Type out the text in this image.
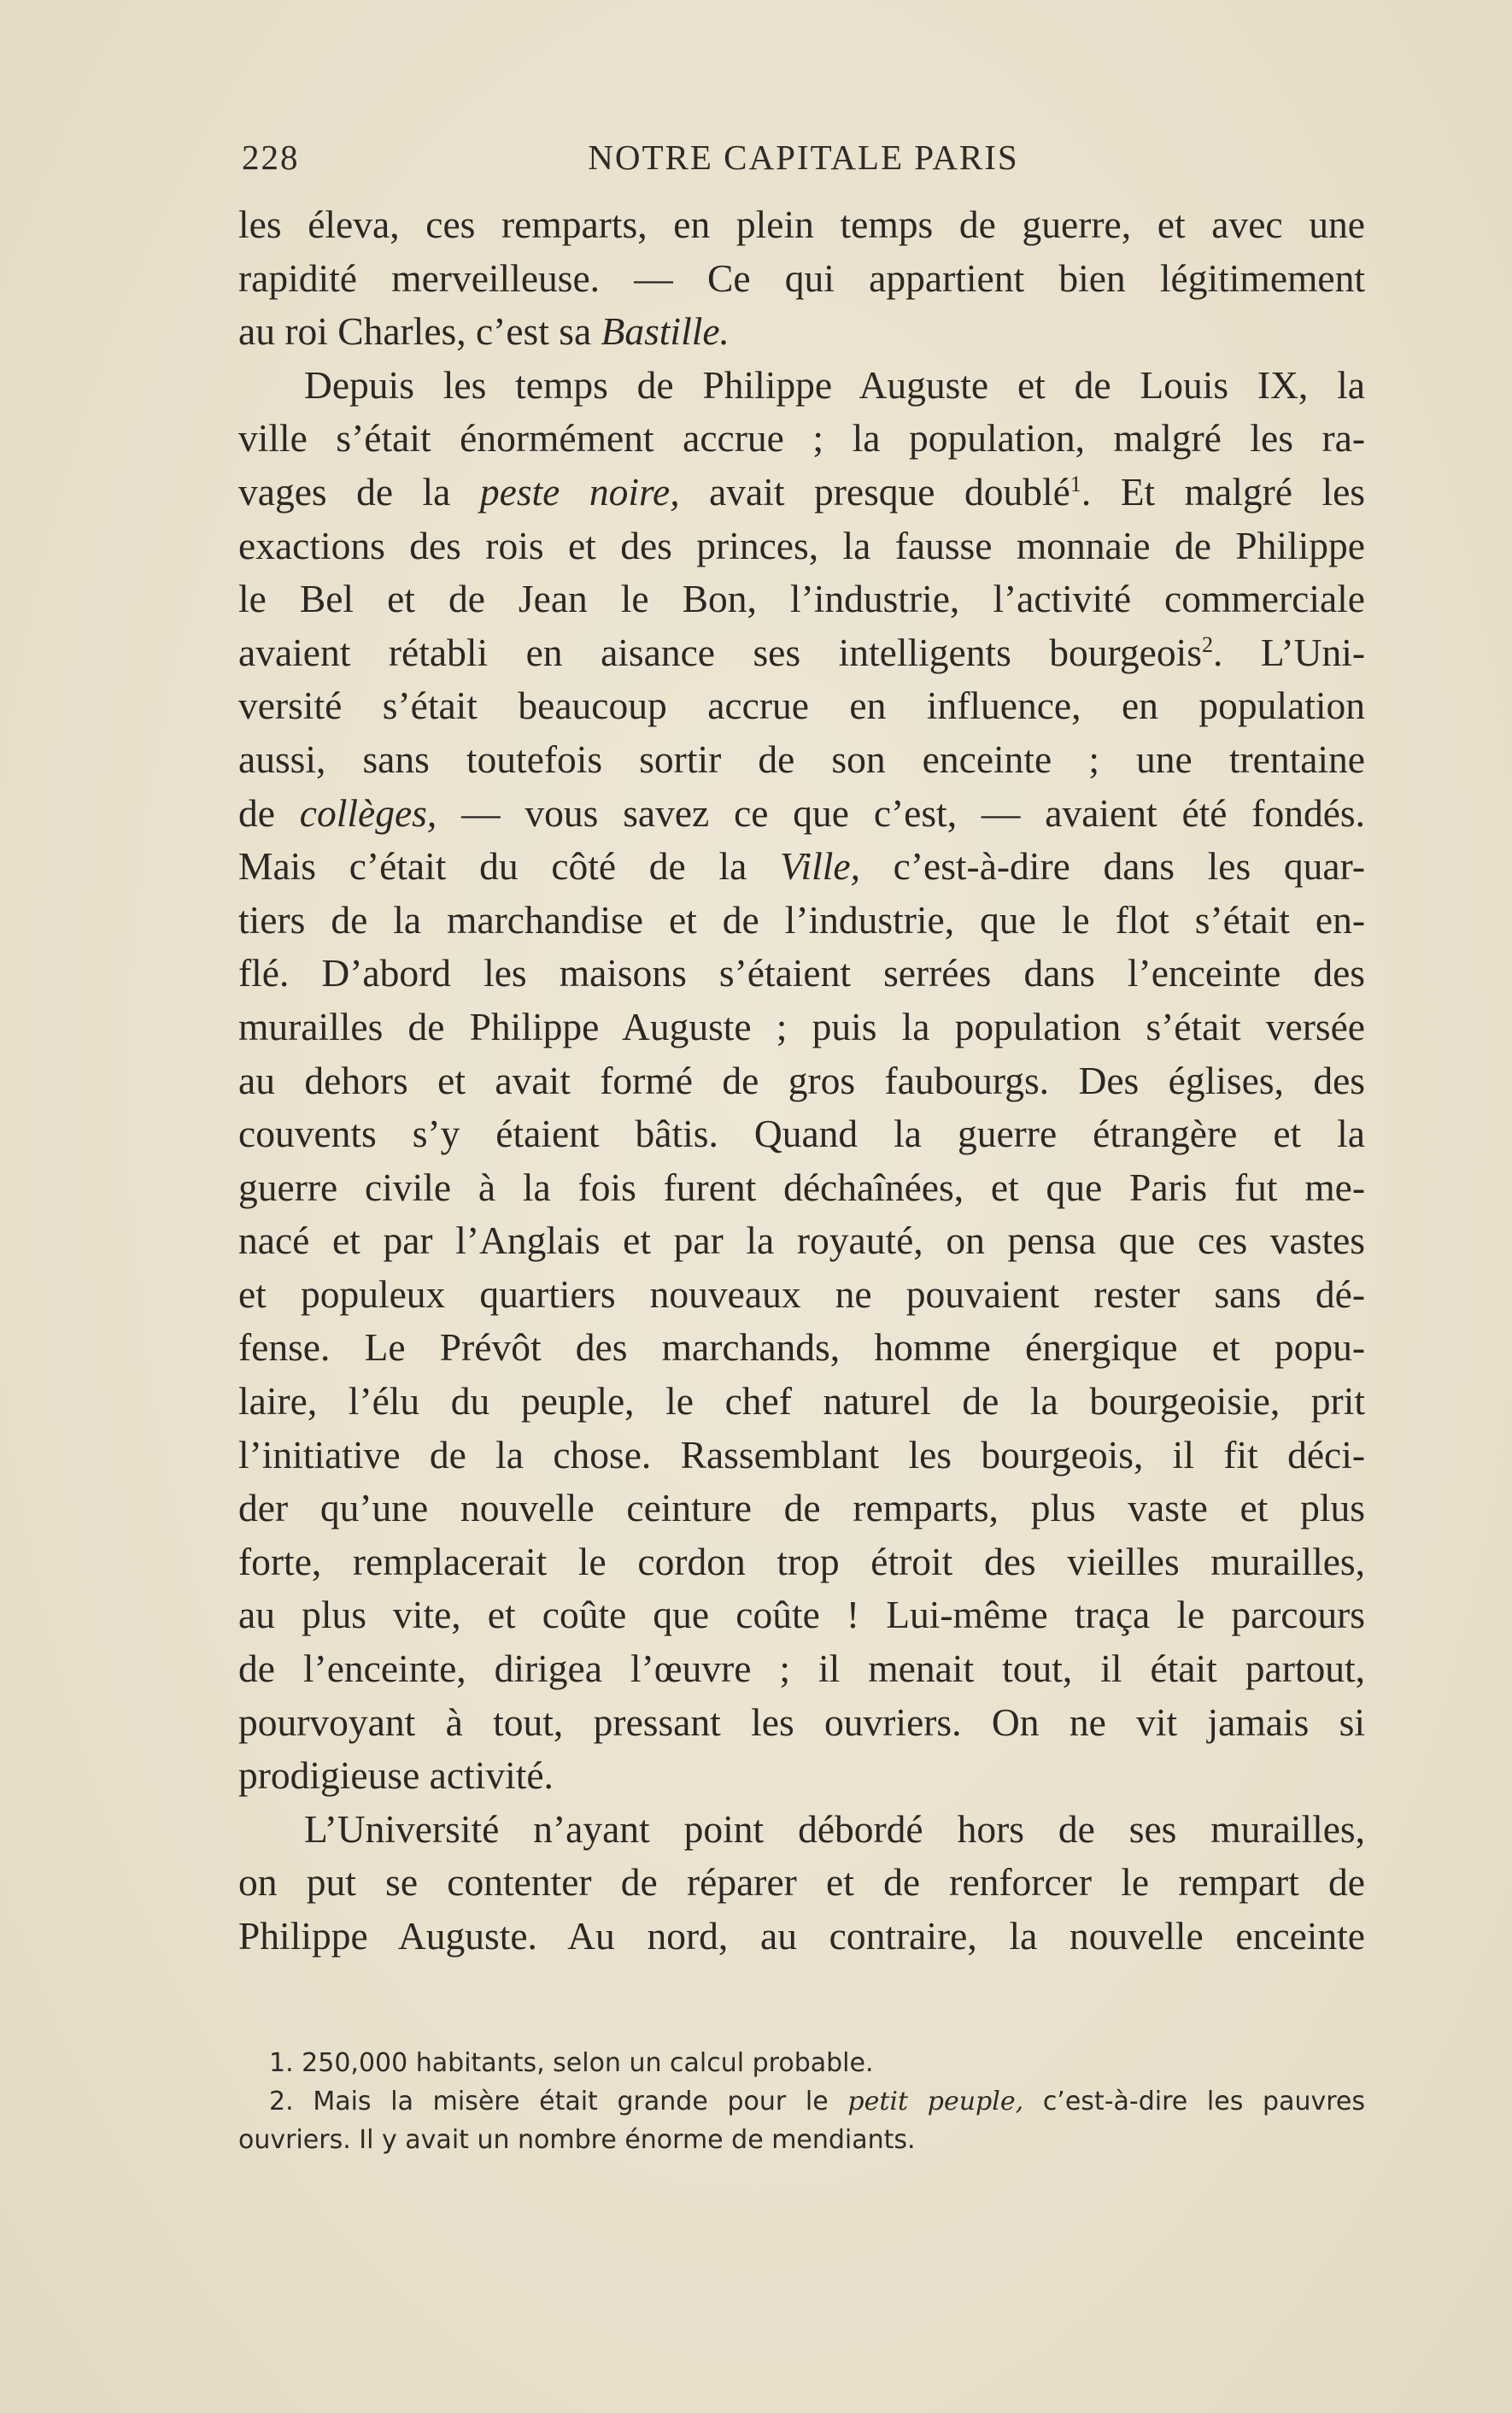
228	NOTRE CAPITALE PARIS
les éleva, ces remparts, en plein temps de guerre, et avec une
rapidité merveilleuse. — Ce qui appartient bien légitimement
au roi Charles, c’est sa Bastille.
Depuis les temps de Philippe Auguste et de Louis IX, la
ville s’était énormément accrue ; la population, malgré les ra-
vages de la peste noire, avait presque doublé$^1$. Et malgré les
exactions des rois et des princes, la fausse monnaie de Philippe
le Bel et de Jean le Bon, l’industrie, l’activité commerciale
avaient rétabli en aisance ses intelligents bourgeois$^2$. L’Uni-
versité s’était beaucoup accrue en influence, en population
aussi, sans toutefois sortir de son enceinte ; une trentaine
de collèges, — vous savez ce que c’est, — avaient été fondés.
Mais c’était du côté de la Ville, c’est-à-dire dans les quar-
tiers de la marchandise et de l’industrie, que le flot s’était en-
flé. D’abord les maisons s’étaient serrées dans l’enceinte des
murailles de Philippe Auguste ; puis la population s’était versée
au dehors et avait formé de gros faubourgs. Des églises, des
couvents s’y étaient bâtis. Quand la guerre étrangère et la
guerre civile à la fois furent déchaînées, et que Paris fut me-
nacé et par l’Anglais et par la royauté, on pensa que ces vastes
et populeux quartiers nouveaux ne pouvaient rester sans dé-
fense. Le Prévôt des marchands, homme énergique et popu-
laire, l’élu du peuple, le chef naturel de la bourgeoisie, prit
l’initiative de la chose. Rassemblant les bourgeois, il fit déci-
der qu’une nouvelle ceinture de remparts, plus vaste et plus
forte, remplacerait le cordon trop étroit des vieilles murailles,
au plus vite, et coûte que coûte ! Lui-même traça le parcours
de l’enceinte, dirigea l’œuvre ; il menait tout, il était partout,
pourvoyant à tout, pressant les ouvriers. On ne vit jamais si
prodigieuse activité.
L’Université n’ayant point débordé hors de ses murailles,
on put se contenter de réparer et de renforcer le rempart de
Philippe Auguste. Au nord, au contraire, la nouvelle enceinte
1. 250,000 habitants, selon un calcul probable.
2. Mais la misère était grande pour le petit peuple, c’est-à-dire les pauvres
ouvriers. Il y avait un nombre énorme de mendiants.
